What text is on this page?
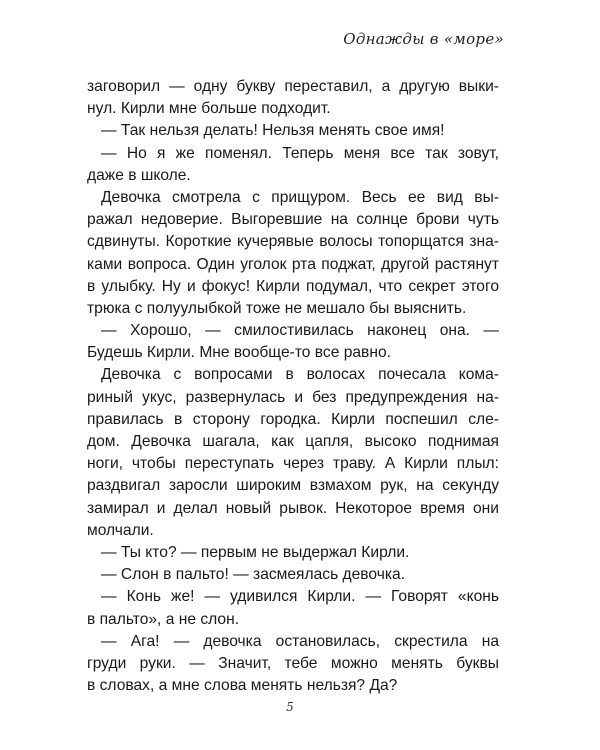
Однажды в «море»
заговорил — одну букву переставил, а другую выки-
нул. Кирли мне больше подходит.
— Так нельзя делать! Нельзя менять свое имя!
— Но я же поменял. Теперь меня все так зовут,
даже в школе.
Девочка смотрела с прищуром. Весь ее вид вы-
ражал недоверие. Выгоревшие на солнце брови чуть
сдвинуты. Короткие кучерявые волосы топорщатся зна-
ками вопроса. Один уголок рта поджат, другой растянут
в улыбку. Ну и фокус! Кирли подумал, что секрет этого
трюка с полуулыбкой тоже не мешало бы выяснить.
— Хорошо, — смилостивилась наконец она. —
Будешь Кирли. Мне вообще-то все равно.
Девочка с вопросами в волосах почесала кома-
риный укус, развернулась и без предупреждения на-
правилась в сторону городка. Кирли поспешил сле-
дом. Девочка шагала, как цапля, высоко поднимая
ноги, чтобы переступать через траву. А Кирли плыл:
раздвигал заросли широким взмахом рук, на секунду
замирал и делал новый рывок. Некоторое время они
молчали.
— Ты кто? — первым не выдержал Кирли.
— Слон в пальто! — засмеялась девочка.
— Конь же! — удивился Кирли. — Говорят «конь
в пальто», а не слон.
— Ага! — девочка остановилась, скрестила на
груди руки. — Значит, тебе можно менять буквы
в словах, а мне слова менять нельзя? Да?
5
